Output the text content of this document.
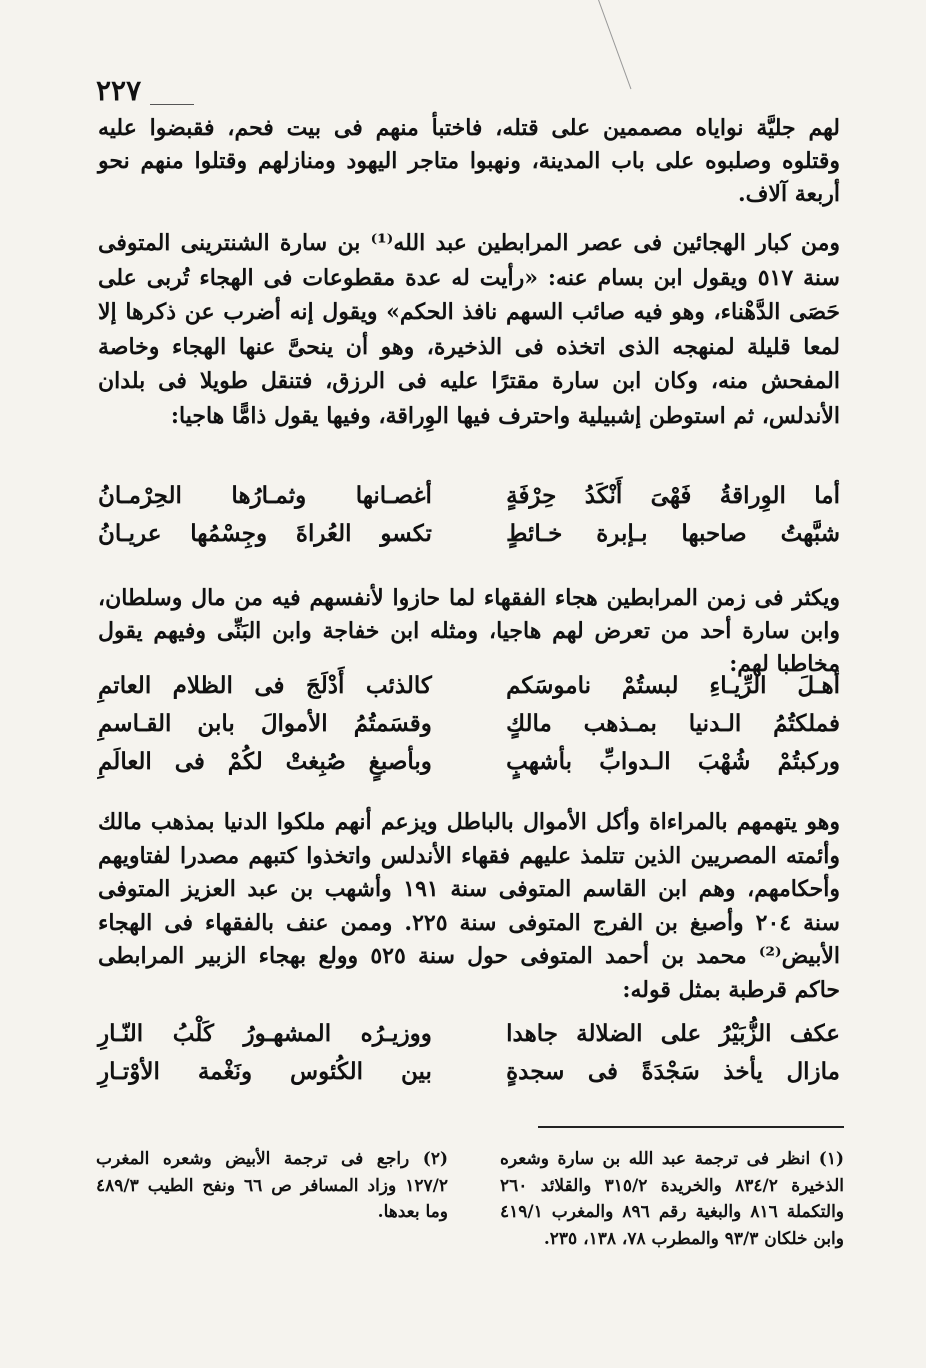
٢٢٧

لهم جليَّة نواياه مصممين على قتله، فاختبأ منهم فى بيت فحم، فقبضوا عليه وقتلوه وصلبوه على باب المدينة، ونهبوا متاجر اليهود ومنازلهم وقتلوا منهم نحو أربعة آلاف.

ومن كبار الهجائين فى عصر المرابطين عبد الله⁽¹⁾ بن سارة الشنترينى المتوفى سنة ٥١٧ ويقول ابن بسام عنه: «رأيت له عدة مقطوعات فى الهجاء تُربى على حَصَى الدَّهْناء، وهو فيه صائب السهم نافذ الحكم» ويقول إنه أضرب عن ذكرها إلا لمعا قليلة لمنهجه الذى اتخذه فى الذخيرة، وهو أن ينحىَّ عنها الهجاء وخاصة المفحش منه، وكان ابن سارة مقترًا عليه فى الرزق، فتنقل طويلا فى بلدان الأندلس، ثم استوطن إشبيلية واحترف فيها الوِراقة، وفيها يقول ذامًّا هاجيا:

أما الوِراقةُ فَهْىَ أَنْكَدُ حِرْفَةٍ
أغصـانها وثمـارُها الحِرْمـانُ
شبَّهتُ صاحبها بـإبرة خـائطٍ
تكسو العُراةَ وجِسْمُها عريـانُ

ويكثر فى زمن المرابطين هجاء الفقهاء لما حازوا لأنفسهم فيه من مال وسلطان، وابن سارة أحد من تعرض لهم هاجيا، ومثله ابن خفاجة وابن البَنِّى وفيهم يقول مخاطبا لهم:

أهـلَ الرِّيـاءِ لبستُمْ ناموسَكم
كالذئب أَدْلَجَ فى الظلام العاتمِ
فملكتُمُ الـدنيا بمـذهب مالكٍ
وقسَمتُمُ الأموالَ بابن القـاسمِ
وركبتُمْ شُهْبَ الـدوابِّ بأشهبٍ
وبأصبغٍ صُبِغتْ لكُمْ فى العالَمِ

وهو يتهمهم بالمراءاة وأكل الأموال بالباطل ويزعم أنهم ملكوا الدنيا بمذهب مالك وأئمته المصريين الذين تتلمذ عليهم فقهاء الأندلس واتخذوا كتبهم مصدرا لفتاويهم وأحكامهم، وهم ابن القاسم المتوفى سنة ١٩١ وأشهب بن عبد العزيز المتوفى سنة ٢٠٤ وأصبغ بن الفرج المتوفى سنة ٢٢٥. وممن عنف بالفقهاء فى الهجاء الأبيض⁽²⁾ محمد بن أحمد المتوفى حول سنة ٥٢٥ وولع بهجاء الزبير المرابطى حاكم قرطبة بمثل قوله:

عكف الزُّبَيْرُ على الضلالة جاهدا
ووزيـرُه المشهـورُ كَلْبُ النّـارِ
مازال يأخذ سَجْدَةً فى سجدةٍ
بين الكُئوس ونَغْمة الأوْتـارِ
(١) انظر فى ترجمة عبد الله بن سارة وشعره الذخيرة ٨٣٤/٢ والخريدة ٣١٥/٢ والقلائد ٢٦٠ والتكملة ٨١٦ والبغية رقم ٨٩٦ والمغرب ٤١٩/١ وابن خلكان ٩٣/٣ والمطرب ٧٨، ١٣٨، ٢٣٥.
(٢) راجع فى ترجمة الأبيض وشعره المغرب ١٢٧/٢ وزاد المسافر ص ٦٦ ونفح الطيب ٤٨٩/٣ وما بعدها.
